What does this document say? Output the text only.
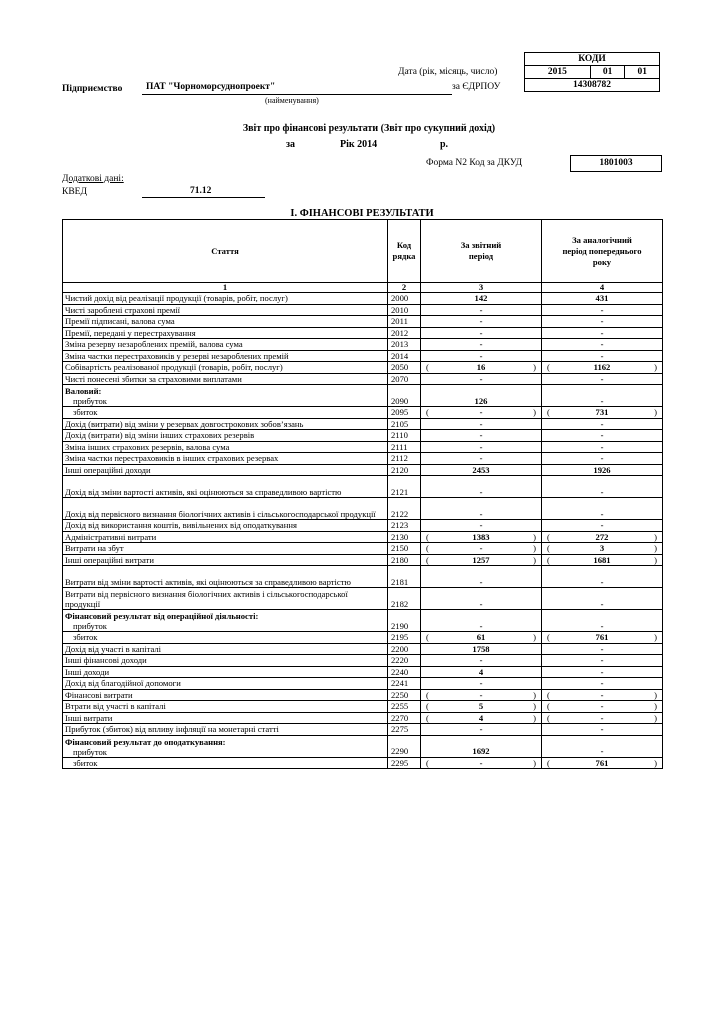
КОДИ
2015	01	01
14308782
Дата (рік, місяць, число)
Підприємство ПАТ "Чорноморсуднопроект"	за ЄДРПОУ
(найменування)
Звіт про фінансові результати (Звіт про сукупний дохід)
за	Рік 2014	р.
Форма N2 Код за ДКУД	1801003
Додаткові дані:
КВЕД	71.12
І. ФІНАНСОВІ РЕЗУЛЬТАТИ
Стаття	Код рядка	За звітний період	За аналогічний період попереднього року
1	2	3	4
Чистий дохід від реалізації продукції (товарів, робіт, послуг)	2000	142	431
Чисті зароблені страхові премії	2010	-	-
Премії підписані, валова сума	2011	-	-
Премії, передані у перестрахування	2012	-	-
Зміна резерву незароблених премій, валова сума	2013	-	-
Зміна частки перестраховиків у резерві незароблених премій	2014	-	-
Собівартість реалізованої продукції (товарів, робіт, послуг)	2050	( 16 )	( 1162 )

Чисті понесені збитки за страховими виплатами	2070	-	-

Валовий:
прибуток	2090	126	-
збиток	2095	( - )	( 731 )

Дохід (витрати) від зміни у резервах довгострокових зобов’язань	2105	-	-
Дохід (витрати) від зміни інших страхових резервів	2110	-	-
Зміна інших страхових резервів, валова сума	2111	-	-
Зміна частки перестраховиків в інших страхових резервах	2112	-	-
Інші операційні доходи	2120	2453	1926
Дохід від зміни вартості активів, які оцінюються за справедливою вартістю	2121	-	-
Дохід від первісного визнання біологічних активів і сільськогосподарської продукції	2122	-	-
Дохід від використання коштів, вивільнених від оподаткування	2123	-	-
Адміністративні витрати	2130	( 1383 )	( 272 )

Витрати на збут	2150	( - )	( 3 )

Інші операційні витрати	2180	( 1257 )	( 1681 )

Витрати від зміни вартості активів, які оцінюються за справедливою вартістю	2181	-	-
Витрати від первісного визнання біологічних активів і сільськогосподарської продукції	2182	-	-

Фінансовий результат від операційної діяльності:
прибуток	2190	-	-
збиток	2195	( 61 )	( 761 )

Дохід від участі в капіталі	2200	1758	-
Інші фінансові доходи	2220	-	-
Інші доходи	2240	4	-
Дохід від благодійної допомоги	2241	-	-
Фінансові витрати	2250	( - )	( - )

Втрати від участі в капіталі	2255	( 5 )	( - )

Інші витрати	2270	( 4 )	( - )

Прибуток (збиток) від впливу інфляції на монетарні статті	2275	-	-

Фінансовий результат до оподаткування:
прибуток	2290	1692	-
збиток	2295	( - )	( 761 )
